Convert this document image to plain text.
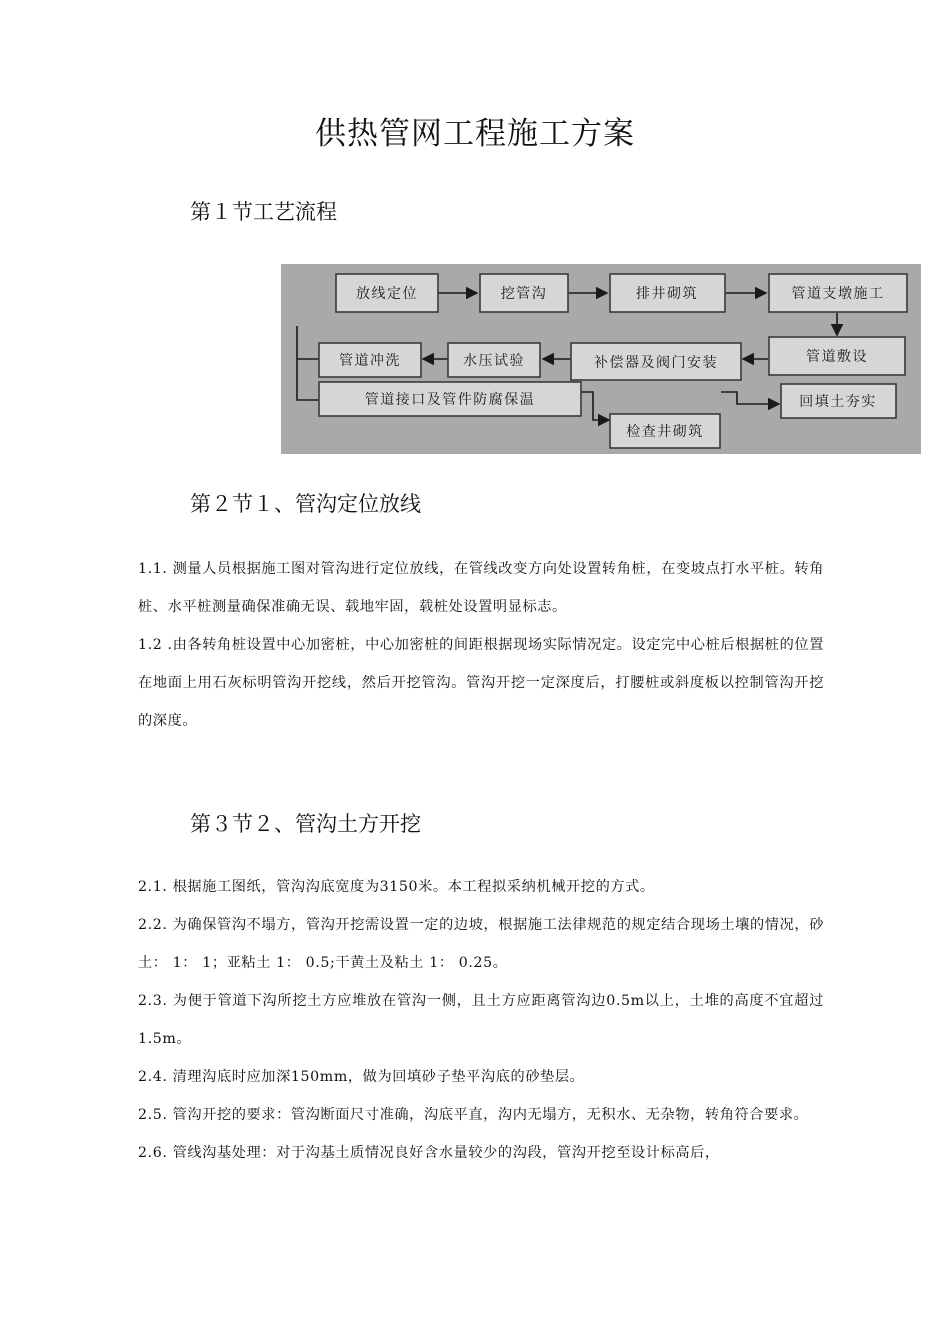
供热管网工程施工方案
第１节工艺流程
放线定位	挖管沟	排井砌筑	管道支墩施工
管道敷设
检查井砌筑
回填土夯实
补偿器及阀门安装
水压试验
管道冲洗
管道接口及管件防腐保温
第２节１、管沟定位放线

1.1. 测量人员根据施工图对管沟进行定位放线，在管线改变方向处设置转角桩，在变坡点打水平桩。转角桩、水平桩测量确保准确无误、载地牢固，载桩处设置明显标志。

1.2 .由各转角桩设置中心加密桩，中心加密桩的间距根据现场实际情况定。设定完中心桩后根据桩的位置在地面上用石灰标明管沟开挖线，然后开挖管沟。管沟开挖一定深度后，打腰桩或斜度板以控制管沟开挖的深度。

第３节２、管沟土方开挖

2.1. 根据施工图纸，管沟沟底宽度为3150米。本工程拟采纳机械开挖的方式。

2.2. 为确保管沟不塌方，管沟开挖需设置一定的边坡，根据施工法律规范的规定结合现场土壤的情况，砂土： 1： 1；亚粘土 1： 0.5;干黄土及粘土 1： 0.25。

2.3. 为便于管道下沟所挖土方应堆放在管沟一侧，且土方应距离管沟边0.5m以上，土堆的高度不宜超过1.5m。

2.4. 清理沟底时应加深150mm，做为回填砂子垫平沟底的砂垫层。

2.5. 管沟开挖的要求：管沟断面尺寸准确，沟底平直，沟内无塌方，无积水、无杂物，转角符合要求。

2.6. 管线沟基处理：对于沟基土质情况良好含水量较少的沟段，管沟开挖至设计标高后，
